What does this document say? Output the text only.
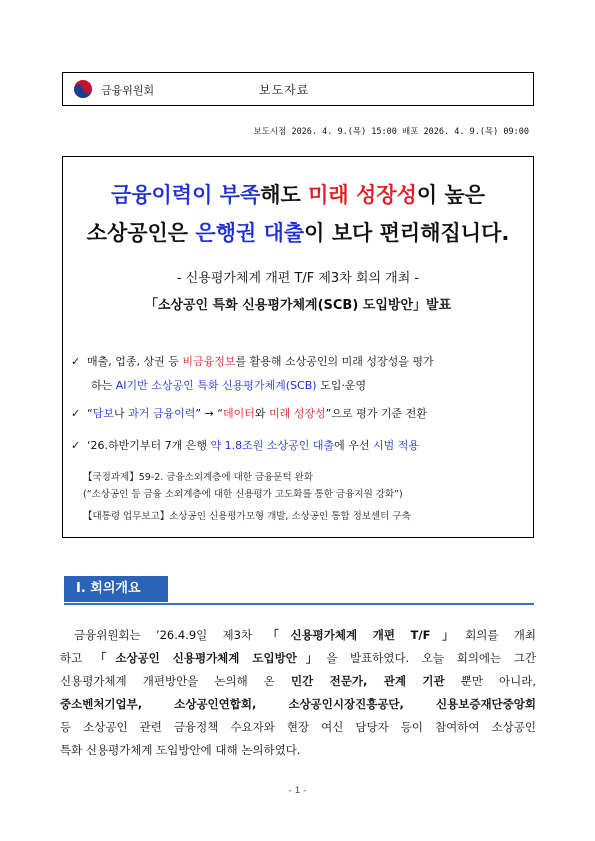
금융위원회	보도자료
보도시점 2026. 4. 9.(목) 15:00 배포 2026. 4. 9.(목) 09:00
금융이력이 부족해도 미래 성장성이 높은
소상공인은 은행권 대출이 보다 편리해집니다.
- 신용평가체계 개편 T/F 제3차 회의 개최 -
「소상공인 특화 신용평가체계(SCB) 도입방안」발표
✓ 매출, 업종, 상권 등 비금융정보를 활용해 소상공인의 미래 성장성을 평가
하는 AI기반 소상공인 특화 신용평가체계(SCB) 도입·운영
✓ “담보나 과거 금융이력” → “데이터와 미래 성장성”으로 평가 기준 전환
✓ ‘26.하반기부터 7개 은행 약 1.8조원 소상공인 대출에 우선 시범 적용
【국정과제】59-2. 금융소외계층에 대한 금융문턱 완화
(“소상공인 등 금융 소외계층에 대한 신용평가 고도화를 통한 금융지원 강화”)
【대통령 업무보고】소상공인 신용평가모형 개발, 소상공인 통합 정보센터 구축
Ⅰ. 회의개요
금융위원회는 ’26.4.9일 제3차 「신용평가체계 개편 T/F」회의를 개최
하고 「소상공인 신용평가체계 도입방안」을 발표하였다. 오늘 회의에는 그간
신용평가체계 개편방안을 논의해 온 민간 전문가, 관계 기관 뿐만 아니라,
중소벤처기업부, 소상공인연합회, 소상공인시장진흥공단, 신용보증재단중앙회
등 소상공인 관련 금융정책 수요자와 현장 여신 담당자 등이 참여하여 소상공인
특화 신용평가체계 도입방안에 대해 논의하였다.
- 1 -
